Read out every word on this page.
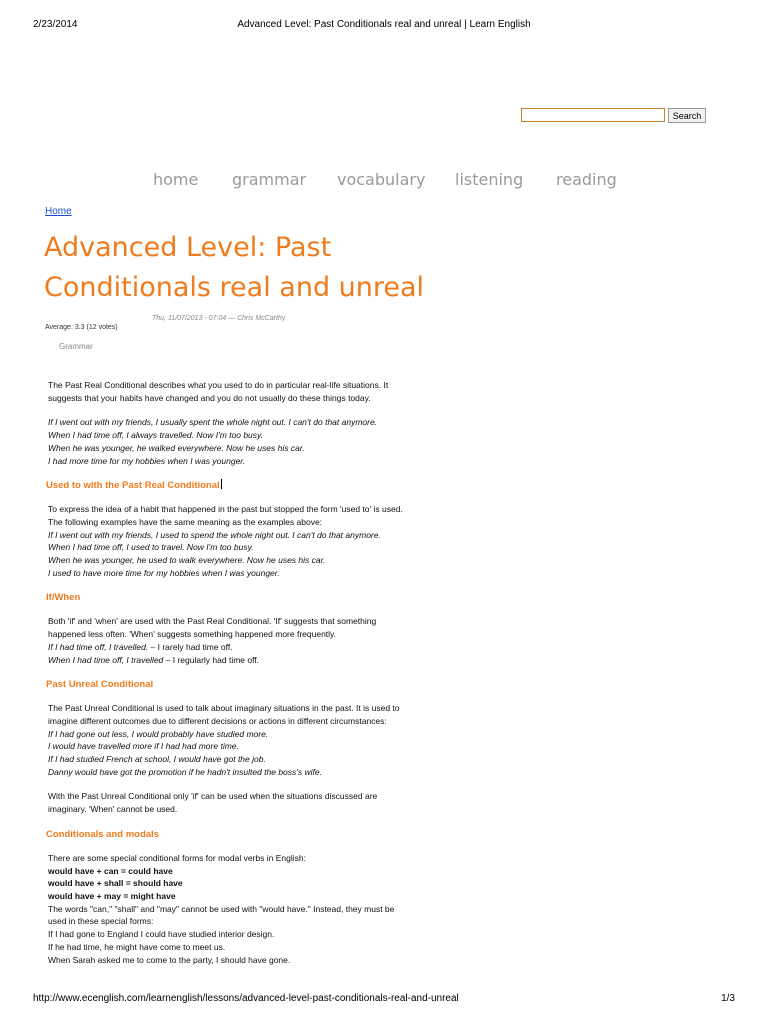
2/23/2014	Advanced Level: Past Conditionals real and unreal | Learn English
Search
home grammar vocabulary listening reading
Home
Advanced Level: Past Conditionals real and unreal
Thu, 11/07/2013 - 07:04 — Chris McCarthy
Average: 3.3 (12 votes)
Grammar

The Past Real Conditional describes what you used to do in particular real-life situations. It

suggests that your habits have changed and you do not usually do these things today.

If I went out with my friends, I usually spent the whole night out. I can't do that anymore.

When I had time off, I always travelled. Now I'm too busy.

When he was younger, he walked everywhere. Now he uses his car.

I had more time for my hobbies when I was younger.

Used to with the Past Real Conditional

To express the idea of a habit that happened in the past but stopped the form 'used to' is used.

The following examples have the same meaning as the examples above:

If I went out with my friends, I used to spend the whole night out. I can't do that anymore.

When I had time off, I used to travel. Now I'm too busy.

When he was younger, he used to walk everywhere. Now he uses his car.

I used to have more time for my hobbies when I was younger.

If/When

Both 'if' and 'when' are used with the Past Real Conditional. 'If' suggests that something

happened less often. 'When' suggests something happened more frequently.

If I had time off, I travelled. – I rarely had time off.

When I had time off, I travelled – I regularly had time off.

Past Unreal Conditional

The Past Unreal Conditional is used to talk about imaginary situations in the past. It is used to

imagine different outcomes due to different decisions or actions in different circumstances:

If I had gone out less, I would probably have studied more.

I would have travelled more if I had had more time.

If I had studied French at school, I would have got the job.

Danny would have got the promotion if he hadn't insulted the boss's wife.

With the Past Unreal Conditional only 'if' can be used when the situations discussed are

imaginary. 'When' cannot be used.

Conditionals and modals

There are some special conditional forms for modal verbs in English:

would have + can = could have

would have + shall = should have

would have + may = might have

The words "can," "shall" and "may" cannot be used with "would have." Instead, they must be

used in these special forms:

If I had gone to England I could have studied interior design.

If he had time, he might have come to meet us.

When Sarah asked me to come to the party, I should have gone.

http://www.ecenglish.com/learnenglish/lessons/advanced-level-past-conditionals-real-and-unreal	1/3
